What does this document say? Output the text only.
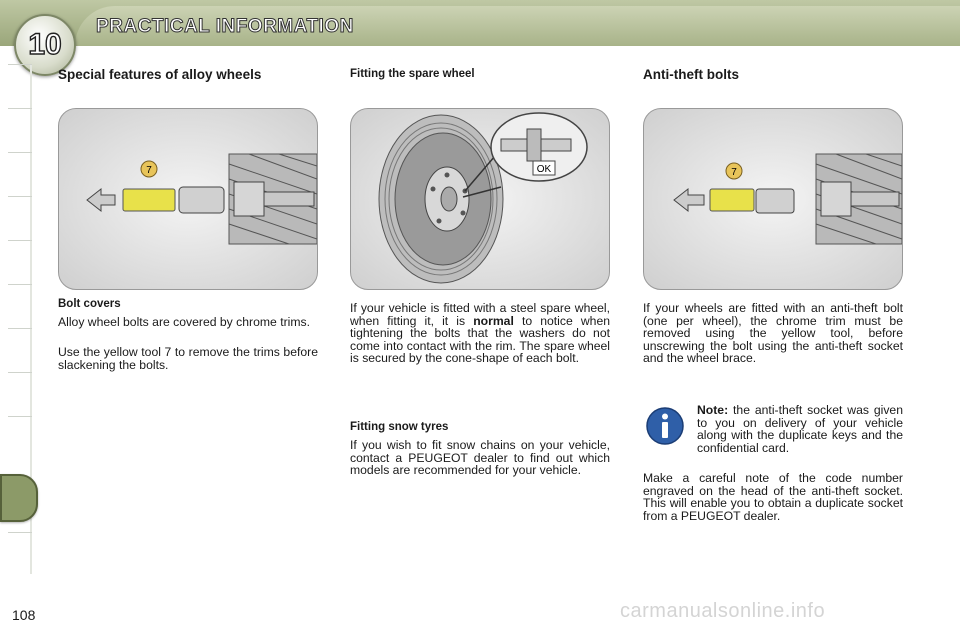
10
PRACTICAL INFORMATION
Special features of alloy wheels
7
Bolt covers

Alloy wheel bolts are covered by chrome trims.

Use the yellow tool 7 to remove the trims before slackening the bolts.

Fitting the spare wheel
OK

If your vehicle is fitted with a steel spare wheel, when fitting it, it is normal to notice when tightening the bolts that the washers do not come into contact with the rim. The spare wheel is secured by the cone-shape of each bolt.

Fitting snow tyres

If you wish to fit snow chains on your vehicle, contact a PEUGEOT dealer to find out which models are recommended for your vehicle.

Anti-theft bolts
7

If your wheels are fitted with an anti-theft bolt (one per wheel), the chrome trim must be removed using the yellow tool, before unscrewing the bolt using the anti-theft socket and the wheel brace.

Note: the anti-theft socket was given to you on delivery of your vehicle along with the duplicate keys and the confidential card.

Make a careful note of the code number engraved on the head of the anti-theft socket. This will enable you to obtain a duplicate socket from a PEUGEOT dealer.

108	carmanualsonline.info
